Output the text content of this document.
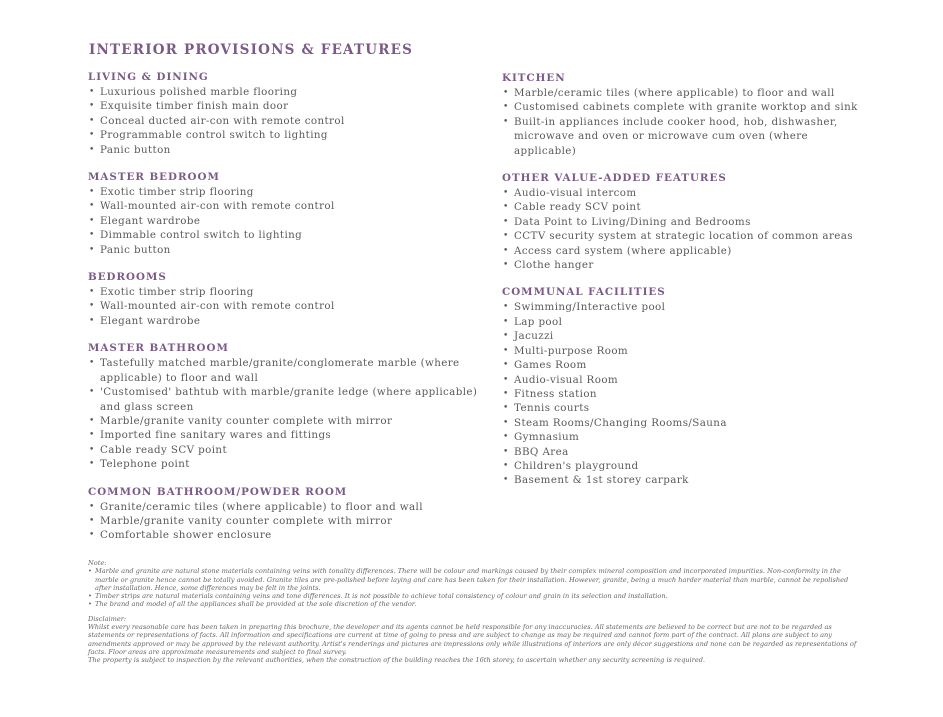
INTERIOR PROVISIONS & FEATURES
LIVING & DINING
• Luxurious polished marble flooring
• Exquisite timber finish main door
• Conceal ducted air-con with remote control
• Programmable control switch to lighting
• Panic button
MASTER BEDROOM
• Exotic timber strip flooring
• Wall-mounted air-con with remote control
• Elegant wardrobe
• Dimmable control switch to lighting
• Panic button
BEDROOMS
• Exotic timber strip flooring
• Wall-mounted air-con with remote control
• Elegant wardrobe
MASTER BATHROOM
• Tastefully matched marble/granite/conglomerate marble (where applicable) to floor and wall
• 'Customised' bathtub with marble/granite ledge (where applicable) and glass screen
• Marble/granite vanity counter complete with mirror
• Imported fine sanitary wares and fittings
• Cable ready SCV point
• Telephone point
COMMON BATHROOM/POWDER ROOM
• Granite/ceramic tiles (where applicable) to floor and wall
• Marble/granite vanity counter complete with mirror
• Comfortable shower enclosure
KITCHEN
• Marble/ceramic tiles (where applicable) to floor and wall
• Customised cabinets complete with granite worktop and sink
• Built-in appliances include cooker hood, hob, dishwasher, microwave and oven or microwave cum oven (where applicable)
OTHER VALUE-ADDED FEATURES
• Audio-visual intercom
• Cable ready SCV point
• Data Point to Living/Dining and Bedrooms
• CCTV security system at strategic location of common areas
• Access card system (where applicable)
• Clothe hanger
COMMUNAL FACILITIES
• Swimming/Interactive pool
• Lap pool
• Jacuzzi
• Multi-purpose Room
• Games Room
• Audio-visual Room
• Fitness station
• Tennis courts
• Steam Rooms/Changing Rooms/Sauna
• Gymnasium
• BBQ Area
• Children's playground
• Basement & 1st storey carpark

Note:

• Marble and granite are natural stone materials containing veins with tonality differences. There will be colour and markings caused by their complex mineral composition and incorporated impurities. Non-conformity in the marble or granite hence cannot be totally avoided. Granite tiles are pre-polished before laying and care has been taken for their installation. However, granite, being a much harder material than marble, cannot be repolished after installation. Hence, some differences may be felt in the joints.
• Timber strips are natural materials containing veins and tone differences. It is not possible to achieve total consistency of colour and grain in its selection and installation.
• The brand and model of all the appliances shall be provided at the sole discretion of the vendor.

Disclaimer:

Whilst every reasonable care has been taken in preparing this brochure, the developer and its agents cannot be held responsible for any inaccuracies. All statements are believed to be correct but are not to be regarded as statements or representations of facts. All information and specifications are current at time of going to press and are subject to change as may be required and cannot form part of the contract. All plans are subject to any amendments approved or may be approved by the relevant authority. Artist's renderings and pictures are impressions only while illustrations of interiors are only décor suggestions and none can be regarded as representations of facts. Floor areas are approximate measurements and subject to final survey.

The property is subject to inspection by the relevant authorities, when the construction of the building reaches the 16th storey, to ascertain whether any security screening is required.
